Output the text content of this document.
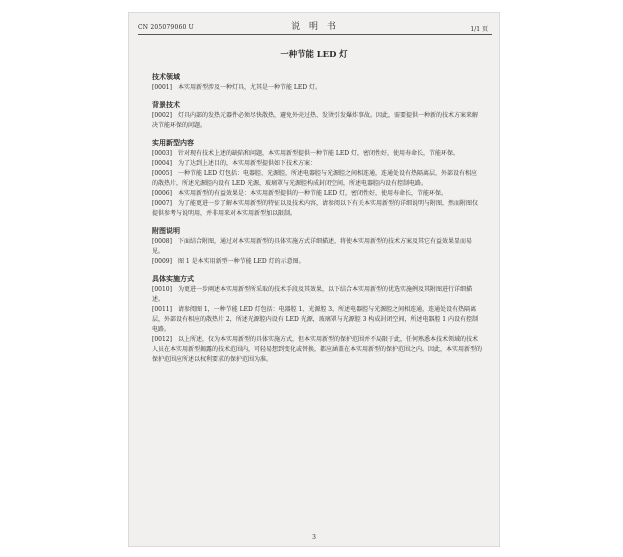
CN 205079060 U	说 明 书	1/1 页
一种节能 LED 灯
技术领域

[0001] 本实用新型涉及一种灯具，尤其是一种节能 LED 灯。

背景技术

[0002] 灯具内部的发热元器件必须尽快散热，避免外壳过热、发烫引发爆炸事故。因此，需要提供一种新的技术方案来解决节能环保的问题。

实用新型内容

[0003] 针对现有技术上述的缺陷和问题，本实用新型提供一种节能 LED 灯，密闭性好，使用寿命长，节能环保。

[0004] 为了达到上述目的，本实用新型提供如下技术方案：

[0005] 一种节能 LED 灯包括：电器腔、光源腔，所述电器腔与光源腔之间相连通，连通处设有热隔离层，外部设有相应的散热片，所述光源腔内设有 LED 光源，玻璃罩与光源腔构成封闭空间，所述电器腔内设有控制电路。

[0006] 本实用新型的有益效果是：本实用新型提供的一种节能 LED 灯，密闭性好，使用寿命长，节能环保。

[0007] 为了能更进一步了解本实用新型的特征以及技术内容，请参阅以下有关本实用新型的详细说明与附图，然而附图仅提供参考与说明用，并非用来对本实用新型加以限制。

附图说明

[0008] 下面结合附图，通过对本实用新型的具体实施方式详细描述，将使本实用新型的技术方案及其它有益效果显而易见。

[0009] 图 1 是本实用新型一种节能 LED 灯的示意图。

具体实施方式

[0010] 为更进一步阐述本实用新型所采取的技术手段及其效果，以下结合本实用新型的优选实施例及其附图进行详细描述。

[0011] 请参阅图 1，一种节能 LED 灯包括：电器腔 1、光源腔 3，所述电器腔与光源腔之间相连通，连通处设有热隔离层，外部设有相应的散热片 2，所述光源腔内设有 LED 光源，玻璃罩与光源腔 3 构成封闭空间，所述电器腔 1 内设有控制电路。

[0012] 以上所述，仅为本实用新型的具体实施方式，但本实用新型的保护范围并不局限于此，任何熟悉本技术领域的技术人员在本实用新型揭露的技术范围内，可轻易想到变化或替换，都应涵盖在本实用新型的保护范围之内。因此，本实用新型的保护范围应所述以权利要求的保护范围为准。

3
